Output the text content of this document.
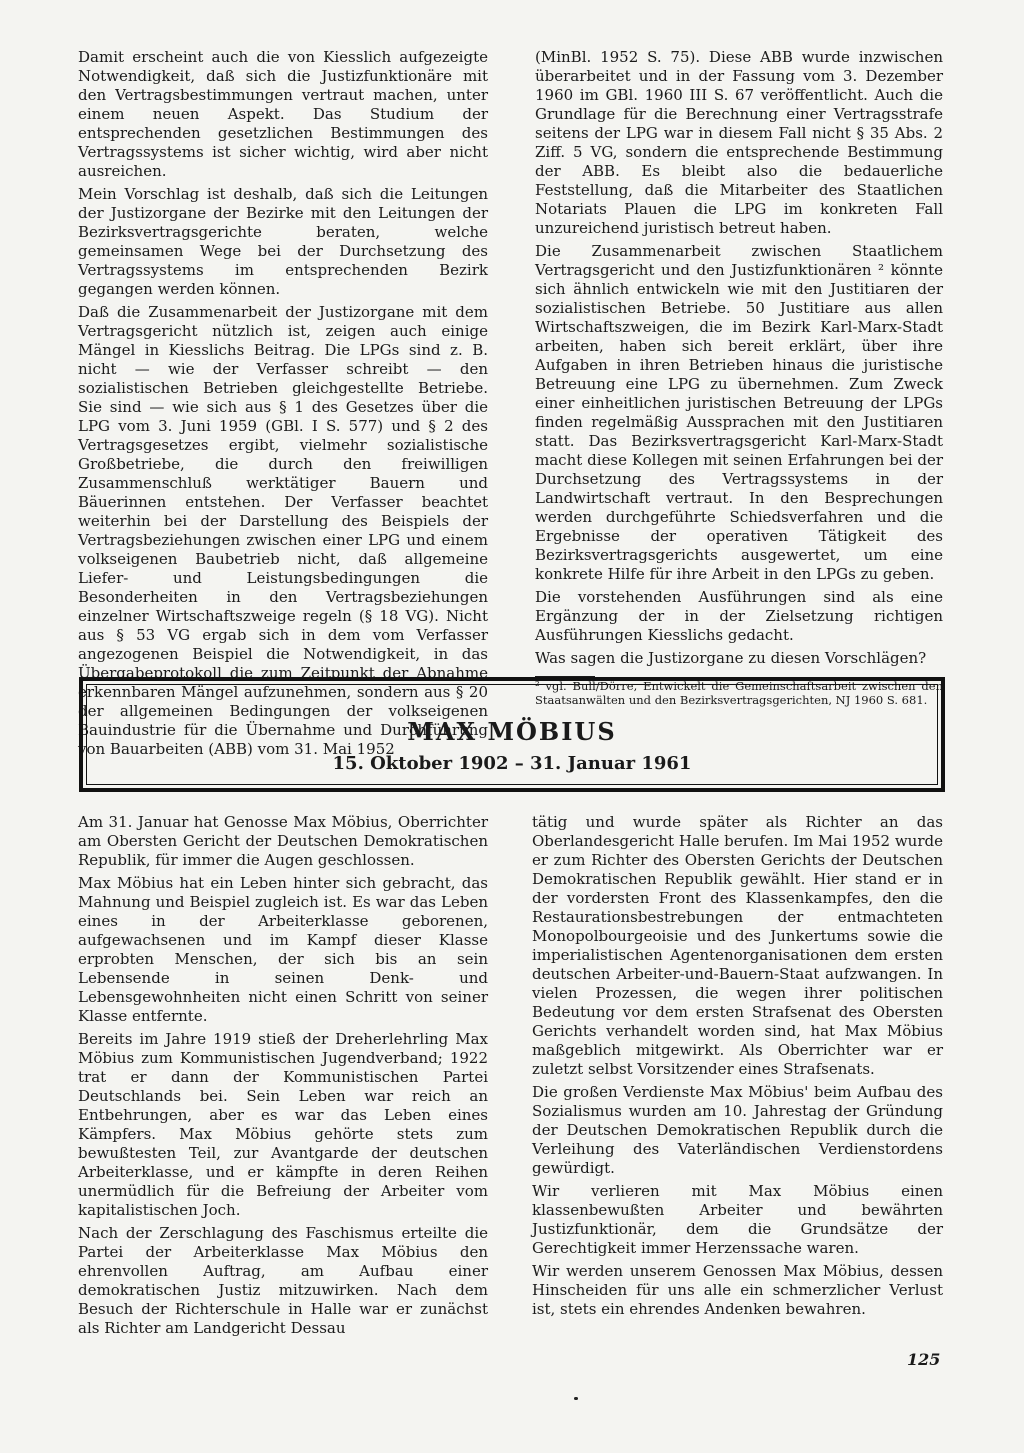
Damit erscheint auch die von Kiesslich aufgezeigte Notwendigkeit, daß sich die Justizfunktionäre mit den Vertragsbestimmungen vertraut machen, unter einem neuen Aspekt. Das Studium der entsprechenden gesetzlichen Bestimmungen des Vertragssystems ist sicher wichtig, wird aber nicht ausreichen.

Mein Vorschlag ist deshalb, daß sich die Leitungen der Justizorgane der Bezirke mit den Leitungen der Bezirksvertragsgerichte beraten, welche gemeinsamen Wege bei der Durchsetzung des Vertragssystems im entsprechenden Bezirk gegangen werden können.

Daß die Zusammenarbeit der Justizorgane mit dem Vertragsgericht nützlich ist, zeigen auch einige Mängel in Kiesslichs Beitrag. Die LPGs sind z. B. nicht — wie der Verfasser schreibt — den sozialistischen Betrieben gleichgestellte Betriebe. Sie sind — wie sich aus § 1 des Gesetzes über die LPG vom 3. Juni 1959 (GBl. I S. 577) und § 2 des Vertragsgesetzes ergibt, vielmehr sozialistische Großbetriebe, die durch den freiwilligen Zusammenschluß werktätiger Bauern und Bäuerinnen entstehen. Der Verfasser beachtet weiterhin bei der Darstellung des Beispiels der Vertragsbeziehungen zwischen einer LPG und einem volkseigenen Baubetrieb nicht, daß allgemeine Liefer- und Leistungsbedingungen die Besonderheiten in den Vertragsbeziehungen einzelner Wirtschaftszweige regeln (§ 18 VG). Nicht aus § 53 VG ergab sich in dem vom Verfasser angezogenen Beispiel die Notwendigkeit, in das Übergabeprotokoll die zum Zeitpunkt der Abnahme erkennbaren Mängel aufzunehmen, sondern aus § 20 der allgemeinen Bedingungen der volkseigenen Bauindustrie für die Übernahme und Durchführung von Bauarbeiten (ABB) vom 31. Mai 1952

(MinBl. 1952 S. 75). Diese ABB wurde inzwischen überarbeitet und in der Fassung vom 3. Dezember 1960 im GBl. 1960 III S. 67 veröffentlicht. Auch die Grundlage für die Berechnung einer Vertragsstrafe seitens der LPG war in diesem Fall nicht § 35 Abs. 2 Ziff. 5 VG, sondern die entsprechende Bestimmung der ABB. Es bleibt also die bedauerliche Feststellung, daß die Mitarbeiter des Staatlichen Notariats Plauen die LPG im konkreten Fall unzureichend juristisch betreut haben.

Die Zusammenarbeit zwischen Staatlichem Vertragsgericht und den Justizfunktionären ² könnte sich ähnlich entwickeln wie mit den Justitiaren der sozialistischen Betriebe. 50 Justitiare aus allen Wirtschaftszweigen, die im Bezirk Karl-Marx-Stadt arbeiten, haben sich bereit erklärt, über ihre Aufgaben in ihren Betrieben hinaus die juristische Betreuung eine LPG zu übernehmen. Zum Zweck einer einheitlichen juristischen Betreuung der LPGs finden regelmäßig Aussprachen mit den Justitiaren statt. Das Bezirksvertragsgericht Karl-Marx-Stadt macht diese Kollegen mit seinen Erfahrungen bei der Durchsetzung des Vertragssystems in der Landwirtschaft vertraut. In den Besprechungen werden durchgeführte Schiedsverfahren und die Ergebnisse der operativen Tätigkeit des Bezirksvertragsgerichts ausgewertet, um eine konkrete Hilfe für ihre Arbeit in den LPGs zu geben.

Die vorstehenden Ausführungen sind als eine Ergänzung der in der Zielsetzung richtigen Ausführungen Kiesslichs gedacht.

Was sagen die Justizorgane zu diesen Vorschlägen?

² vgl. Bull/Dörre, Entwickelt die Gemeinschaftsarbeit zwischen den Staatsanwälten und den Bezirksvertragsgerichten, NJ 1960 S. 681.
MAX MÖBIUS
15. Oktober 1902 – 31. Januar 1961

Am 31. Januar hat Genosse Max Möbius, Oberrichter am Obersten Gericht der Deutschen Demokratischen Republik, für immer die Augen geschlossen.

Max Möbius hat ein Leben hinter sich gebracht, das Mahnung und Beispiel zugleich ist. Es war das Leben eines in der Arbeiterklasse geborenen, aufgewachsenen und im Kampf dieser Klasse erprobten Menschen, der sich bis an sein Lebensende in seinen Denk- und Lebensgewohnheiten nicht einen Schritt von seiner Klasse entfernte.

Bereits im Jahre 1919 stieß der Dreherlehrling Max Möbius zum Kommunistischen Jugendverband; 1922 trat er dann der Kommunistischen Partei Deutschlands bei. Sein Leben war reich an Entbehrungen, aber es war das Leben eines Kämpfers. Max Möbius gehörte stets zum bewußtesten Teil, zur Avantgarde der deutschen Arbeiterklasse, und er kämpfte in deren Reihen unermüdlich für die Befreiung der Arbeiter vom kapitalistischen Joch.

Nach der Zerschlagung des Faschismus erteilte die Partei der Arbeiterklasse Max Möbius den ehrenvollen Auftrag, am Aufbau einer demokratischen Justiz mitzuwirken. Nach dem Besuch der Richterschule in Halle war er zunächst als Richter am Landgericht Dessau

tätig und wurde später als Richter an das Oberlandesgericht Halle berufen. Im Mai 1952 wurde er zum Richter des Obersten Gerichts der Deutschen Demokratischen Republik gewählt. Hier stand er in der vordersten Front des Klassenkampfes, den die Restaurationsbestrebungen der entmachteten Monopolbourgeoisie und des Junkertums sowie die imperialistischen Agentenorganisationen dem ersten deutschen Arbeiter-und-Bauern-Staat aufzwangen. In vielen Prozessen, die wegen ihrer politischen Bedeutung vor dem ersten Strafsenat des Obersten Gerichts verhandelt worden sind, hat Max Möbius maßgeblich mitgewirkt. Als Oberrichter war er zuletzt selbst Vorsitzender eines Strafsenats.

Die großen Verdienste Max Möbius' beim Aufbau des Sozialismus wurden am 10. Jahrestag der Gründung der Deutschen Demokratischen Republik durch die Verleihung des Vaterländischen Verdienstordens gewürdigt.

Wir verlieren mit Max Möbius einen klassenbewußten Arbeiter und bewährten Justizfunktionär, dem die Grundsätze der Gerechtigkeit immer Herzenssache waren.

Wir werden unserem Genossen Max Möbius, dessen Hinscheiden für uns alle ein schmerzlicher Verlust ist, stets ein ehrendes Andenken bewahren.

125
